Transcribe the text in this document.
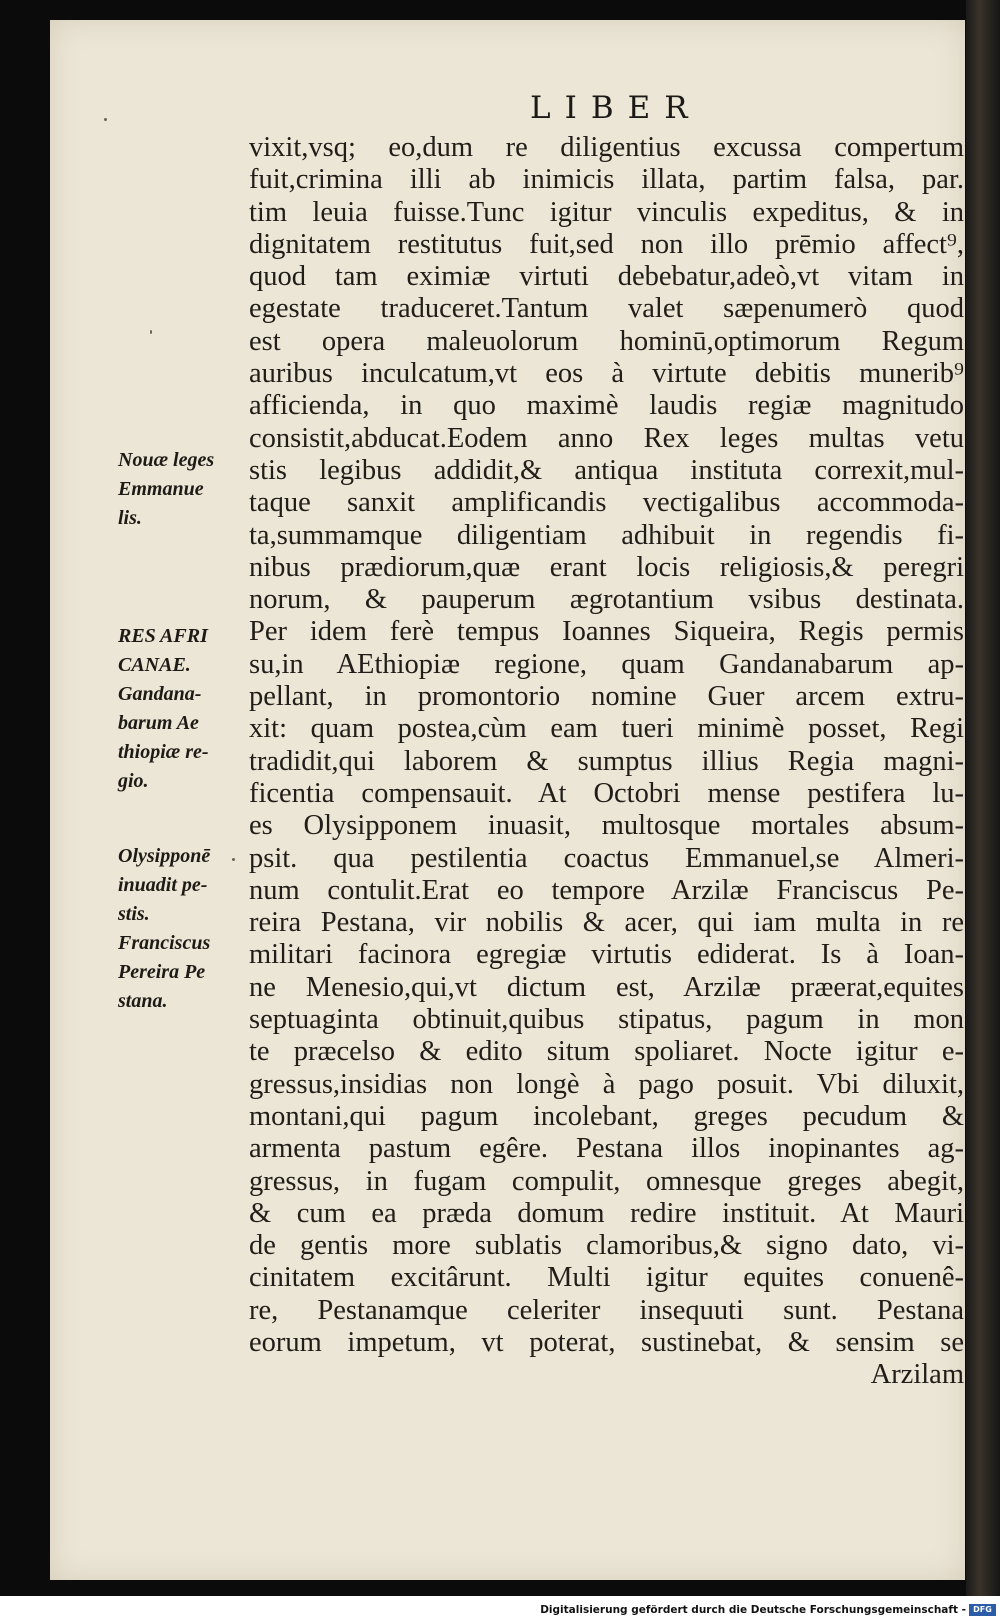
LIBER
vixit,vsq; eo,dum re diligentius excussa compertum
fuit,crimina illi ab inimicis illata, partim falsa, par.
tim leuia fuisse.Tunc igitur vinculis expeditus, & in
dignitatem restitutus fuit,sed non illo prēmio affect⁹,
quod tam eximiæ virtuti debebatur,adeò,vt vitam in
egestate traduceret.Tantum valet sæpenumerò quod
est opera maleuolorum hominū,optimorum Regum
auribus inculcatum,vt eos à virtute debitis munerib⁹
afficienda, in quo maximè laudis regiæ magnitudo
consistit,abducat.Eodem anno Rex leges multas vetu
stis legibus addidit,& antiqua instituta correxit,mul-
taque sanxit amplificandis vectigalibus accommoda-
ta,summamque diligentiam adhibuit in regendis fi-
nibus prædiorum,quæ erant locis religiosis,& peregri
norum, & pauperum ægrotantium vsibus destinata.
Per idem ferè tempus Ioannes Siqueira, Regis permis
su,in AEthiopiæ regione, quam Gandanabarum ap-
pellant, in promontorio nomine Guer arcem extru-
xit: quam postea,cùm eam tueri minimè posset, Regi
tradidit,qui laborem & sumptus illius Regia magni-
ficentia compensauit. At Octobri mense pestifera lu-
es Olysipponem inuasit, multosque mortales absum-
psit. qua pestilentia coactus Emmanuel,se Almeri-
num contulit.Erat eo tempore Arzilæ Franciscus Pe-
reira Pestana, vir nobilis & acer, qui iam multa in re
militari facinora egregiæ virtutis ediderat. Is à Ioan-
ne Menesio,qui,vt dictum est, Arzilæ præerat,equites
septuaginta obtinuit,quibus stipatus, pagum in mon
te præcelso & edito situm spoliaret. Nocte igitur e-
gressus,insidias non longè à pago posuit. Vbi diluxit,
montani,qui pagum incolebant, greges pecudum &
armenta pastum egêre. Pestana illos inopinantes ag-
gressus, in fugam compulit, omnesque greges abegit,
& cum ea præda domum redire instituit. At Mauri
de gentis more sublatis clamoribus,& signo dato, vi-
cinitatem excitârunt. Multi igitur equites conuenê-
re, Pestanamque celeriter insequuti sunt. Pestana
eorum impetum, vt poterat, sustinebat, & sensim se
Arzilam
Nouæ leges
Emmanue
lis.
RES AFRI
CANAE.
Gandana-
barum Ae
thiopiæ re-
gio.
Olysipponē
inuadit pe-
stis.
Franciscus
Pereira Pe
stana.
Digitalisierung gefördert durch die Deutsche Forschungsgemeinschaft - DFG
